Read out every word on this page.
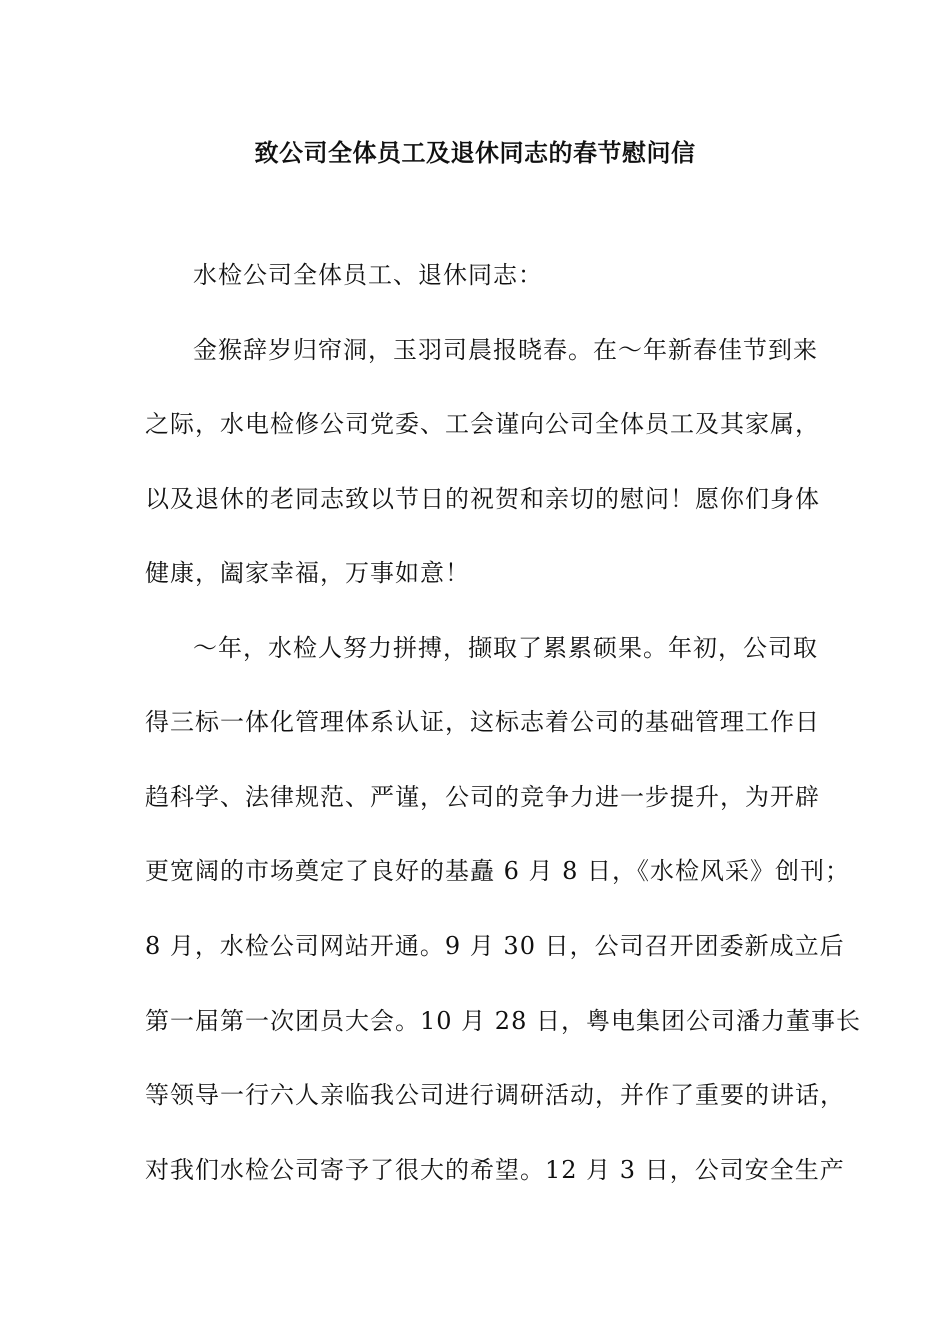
致公司全体员工及退休同志的春节慰问信
水检公司全体员工、退休同志：
金猴辞岁归帘洞，玉羽司晨报晓春。在～年新春佳节到来
之际，水电检修公司党委、工会谨向公司全体员工及其家属，
以及退休的老同志致以节日的祝贺和亲切的慰问！愿你们身体
健康，阖家幸福，万事如意！
～年，水检人努力拼搏，撷取了累累硕果。年初，公司取
得三标一体化管理体系认证，这标志着公司的基础管理工作日
趋科学、法律规范、严谨，公司的竞争力进一步提升，为开辟
更宽阔的市场奠定了良好的基矗 6 月 8 日，《水检风采》创刊；
8 月，水检公司网站开通。9 月 30 日，公司召开团委新成立后
第一届第一次团员大会。10 月 28 日，粤电集团公司潘力董事长
等领导一行六人亲临我公司进行调研活动，并作了重要的讲话，
对我们水检公司寄予了很大的希望。12 月 3 日，公司安全生产
